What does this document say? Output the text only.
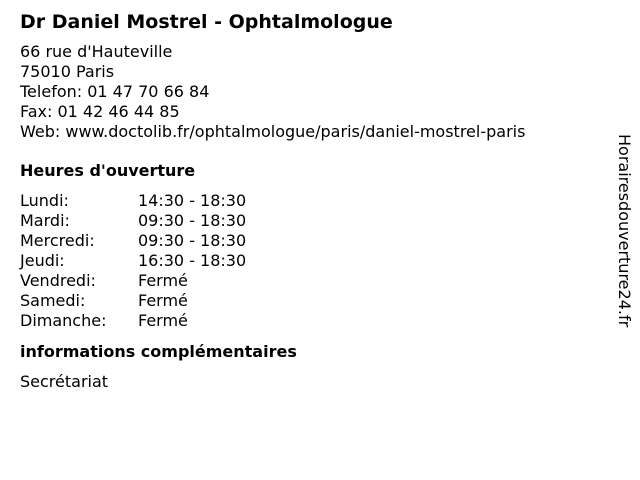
Dr Daniel Mostrel - Ophtalmologue
66 rue d'Hauteville
75010 Paris
Telefon: 01 47 70 66 84
Fax: 01 42 46 44 85
Web: www.doctolib.fr/ophtalmologue/paris/daniel-mostrel-paris
Heures d'ouverture
Lundi:	14:30 - 18:30
Mardi:	09:30 - 18:30
Mercredi:	09:30 - 18:30
Jeudi:	16:30 - 18:30
Vendredi:	Fermé
Samedi:	Fermé
Dimanche:	Fermé
informations complémentaires
Secrétariat
Horairesdouverture24.fr
